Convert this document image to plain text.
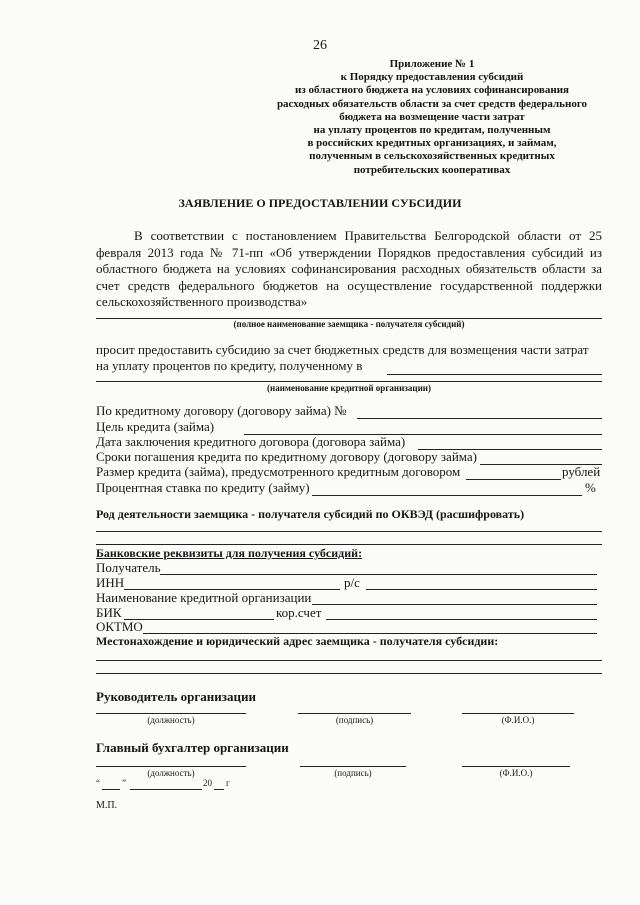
26
Приложение № 1
к Порядку предоставления субсидий
из областного бюджета на условиях софинансирования
расходных обязательств области за счет средств федерального
бюджета на возмещение части затрат
на уплату процентов по кредитам, полученным
в российских кредитных организациях, и займам,
полученным в сельскохозяйственных кредитных
потребительских кооперативах
ЗАЯВЛЕНИЕ О ПРЕДОСТАВЛЕНИИ СУБСИДИИ
В соответствии с постановлением Правительства Белгородской области от 25 февраля 2013 года № 71-пп «Об утверждении Порядков предоставления субсидий из областного бюджета на условиях софинансирования расходных обязательств области за счет средств федерального бюджетов на осуществление государственной поддержки сельскохозяйственного производства»
(полное наименование заемщика - получателя субсидий)
просит предоставить субсидию за счет бюджетных средств для возмещения части затрат
на уплату процентов по кредиту, полученному в
(наименование кредитной организации)
По кредитному договору (договору займа) №
Цель кредита (займа)
Дата заключения кредитного договора (договора займа)
Сроки погашения кредита по кредитному договору (договору займа)
Размер кредита (займа), предусмотренного кредитным договором	рублей
Процентная ставка по кредиту (займу)	%
Род деятельности заемщика - получателя субсидий по ОКВЭД (расшифровать)
Банковские реквизиты для получения субсидий:
Получатель
ИНН	р/с
Наименование кредитной организации
БИК	кор.счет
ОКТМО
Местонахождение и юридический адрес заемщика - получателя субсидии:
Руководитель организации
(должность)	(подпись)	(Ф.И.О.)
Главный бухгалтер организации
(должность)	(подпись)	(Ф.И.О.)
“ ”	20 г
М.П.
